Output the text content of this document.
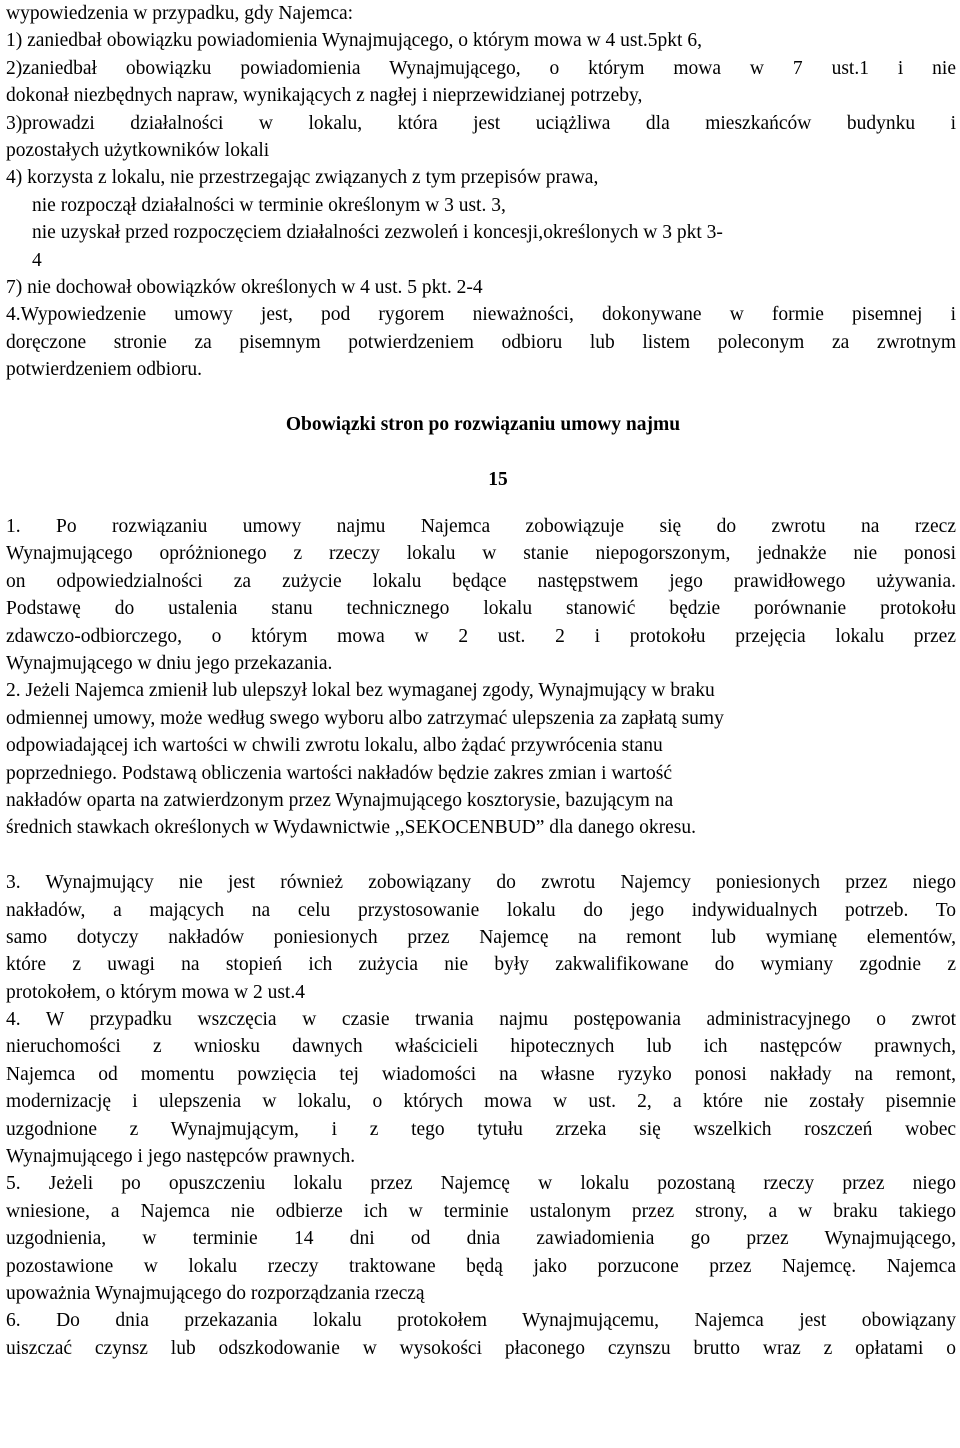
wypowiedzenia w przypadku, gdy Najemca:
1) zaniedbał obowiązku powiadomienia Wynajmującego, o którym mowa w 4 ust.5pkt 6,
2)zaniedbał obowiązku powiadomienia Wynajmującego, o którym mowa w 7 ust.1 i nie
dokonał niezbędnych napraw, wynikających z nagłej i nieprzewidzianej potrzeby,
3)prowadzi działalności w lokalu, która jest uciążliwa dla mieszkańców budynku i
pozostałych użytkowników lokali
4) korzysta z lokalu, nie przestrzegając związanych z tym przepisów prawa,
nie rozpoczął działalności w terminie określonym w 3 ust. 3,
nie uzyskał przed rozpoczęciem działalności zezwoleń i koncesji,określonych w 3 pkt 3-
4
7) nie dochował obowiązków określonych w 4 ust. 5 pkt. 2-4
4.Wypowiedzenie umowy jest, pod rygorem nieważności, dokonywane w formie pisemnej i
doręczone stronie za pisemnym potwierdzeniem odbioru lub listem poleconym za zwrotnym
potwierdzeniem odbioru.
Obowiązki stron po rozwiązaniu umowy najmu
15
1. Po rozwiązaniu umowy najmu Najemca zobowiązuje się do zwrotu na rzecz
Wynajmującego opróżnionego z rzeczy lokalu w stanie niepogorszonym, jednakże nie ponosi
on odpowiedzialności za zużycie lokalu będące następstwem jego prawidłowego używania.
Podstawę do ustalenia stanu technicznego lokalu stanowić będzie porównanie protokołu
zdawczo-odbiorczego, o którym mowa w 2 ust. 2 i protokołu przejęcia lokalu przez
Wynajmującego w dniu jego przekazania.
2. Jeżeli Najemca zmienił lub ulepszył lokal bez wymaganej zgody, Wynajmujący w braku
odmiennej umowy, może według swego wyboru albo zatrzymać ulepszenia za zapłatą sumy
odpowiadającej ich wartości w chwili zwrotu lokalu, albo żądać przywrócenia stanu
poprzedniego. Podstawą obliczenia wartości nakładów będzie zakres zmian i wartość
nakładów oparta na zatwierdzonym przez Wynajmującego kosztorysie, bazującym na
średnich stawkach określonych w Wydawnictwie ,,SEKOCENBUD” dla danego okresu.
3. Wynajmujący nie jest również zobowiązany do zwrotu Najemcy poniesionych przez niego
nakładów, a mających na celu przystosowanie lokalu do jego indywidualnych potrzeb. To
samo dotyczy nakładów poniesionych przez Najemcę na remont lub wymianę elementów,
które z uwagi na stopień ich zużycia nie były zakwalifikowane do wymiany zgodnie z
protokołem, o którym mowa w 2 ust.4
4. W przypadku wszczęcia w czasie trwania najmu postępowania administracyjnego o zwrot
nieruchomości z wniosku dawnych właścicieli hipotecznych lub ich następców prawnych,
Najemca od momentu powzięcia tej wiadomości na własne ryzyko ponosi nakłady na remont,
modernizację i ulepszenia w lokalu, o których mowa w ust. 2, a które nie zostały pisemnie
uzgodnione z Wynajmującym, i z tego tytułu zrzeka się wszelkich roszczeń wobec
Wynajmującego i jego następców prawnych.
5. Jeżeli po opuszczeniu lokalu przez Najemcę w lokalu pozostaną rzeczy przez niego
wniesione, a Najemca nie odbierze ich w terminie ustalonym przez strony, a w braku takiego
uzgodnienia, w terminie 14 dni od dnia zawiadomienia go przez Wynajmującego,
pozostawione w lokalu rzeczy traktowane będą jako porzucone przez Najemcę. Najemca
upoważnia Wynajmującego do rozporządzania rzeczą
6. Do dnia przekazania lokalu protokołem Wynajmującemu, Najemca jest obowiązany
uiszczać czynsz lub odszkodowanie w wysokości płaconego czynszu brutto wraz z opłatami o
